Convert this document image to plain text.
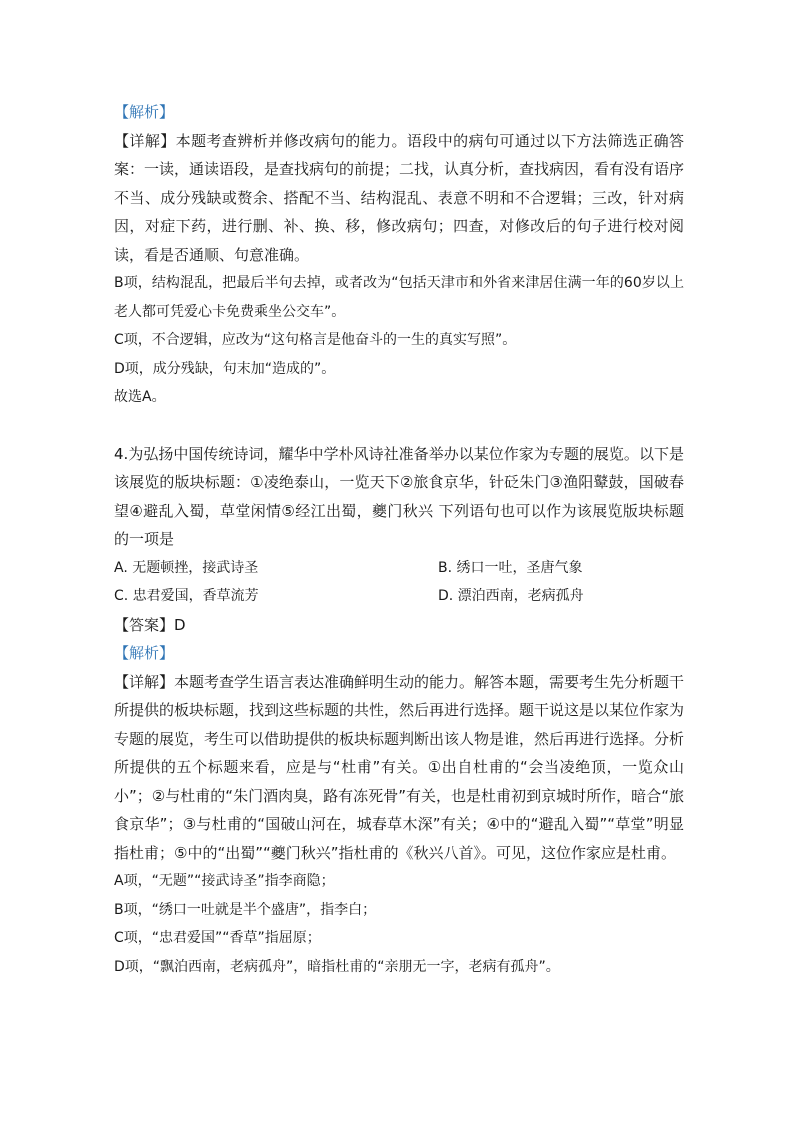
【解析】

【详解】本题考查辨析并修改病句的能力。语段中的病句可通过以下方法筛选正确答案：一读，通读语段，是查找病句的前提；二找，认真分析，查找病因，看有没有语序不当、成分残缺或赘余、搭配不当、结构混乱、表意不明和不合逻辑；三改，针对病因，对症下药，进行删、补、换、移，修改病句；四查，对修改后的句子进行校对阅读，看是否通顺、句意准确。

B项，结构混乱，把最后半句去掉，或者改为“包括天津市和外省来津居住满一年的60岁以上老人都可凭爱心卡免费乘坐公交车”。

C项，不合逻辑，应改为“这句格言是他奋斗的一生的真实写照”。

D项，成分残缺，句末加“造成的”。

故选A。

4.为弘扬中国传统诗词，耀华中学朴风诗社准备举办以某位作家为专题的展览。以下是该展览的版块标题：①凌绝泰山，一览天下②旅食京华，针砭朱门③渔阳鼙鼓，国破春望④避乱入蜀，草堂闲情⑤经江出蜀，夔门秋兴 下列语句也可以作为该展览版块标题的一项是

A. 无题顿挫，接武诗圣	B. 绣口一吐，圣唐气象
C. 忠君爱国，香草流芳	D. 漂泊西南，老病孤舟

【答案】D

【解析】

【详解】本题考查学生语言表达准确鲜明生动的能力。解答本题，需要考生先分析题干所提供的板块标题，找到这些标题的共性，然后再进行选择。题干说这是以某位作家为专题的展览，考生可以借助提供的板块标题判断出该人物是谁，然后再进行选择。分析所提供的五个标题来看，应是与“杜甫”有关。①出自杜甫的“会当凌绝顶，一览众山小”；②与杜甫的“朱门酒肉臭，路有冻死骨”有关，也是杜甫初到京城时所作，暗合“旅食京华”；③与杜甫的“国破山河在，城春草木深”有关；④中的“避乱入蜀”“草堂”明显指杜甫；⑤中的“出蜀”“夔门秋兴”指杜甫的《秋兴八首》。可见，这位作家应是杜甫。

A项，“无题”“接武诗圣”指李商隐；

B项，“绣口一吐就是半个盛唐”，指李白；

C项，“忠君爱国”“香草”指屈原；

D项，“飘泊西南，老病孤舟”，暗指杜甫的“亲朋无一字，老病有孤舟”。
